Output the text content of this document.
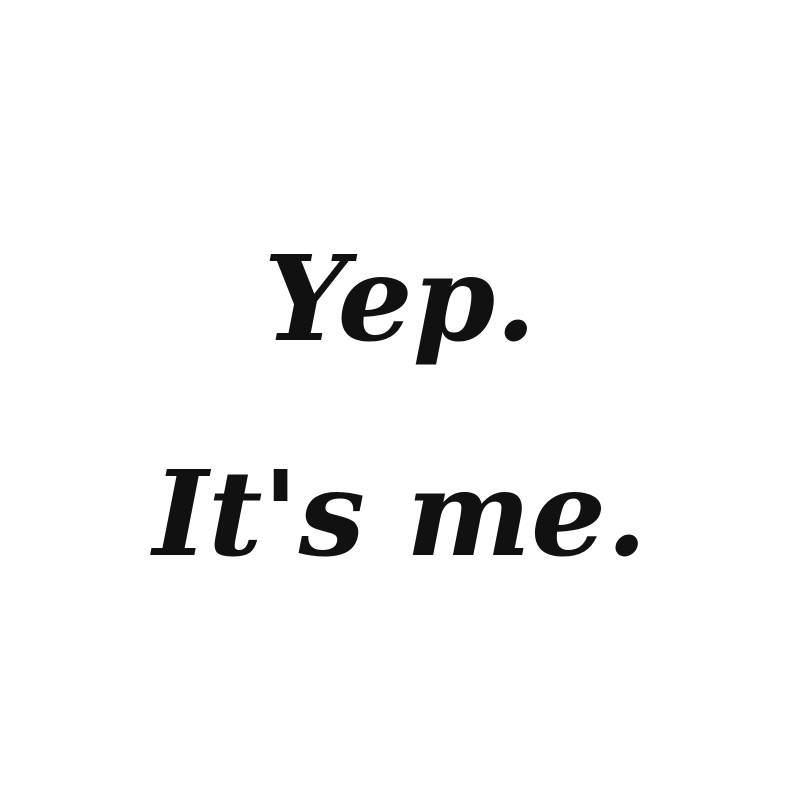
Yep.
It's me.
